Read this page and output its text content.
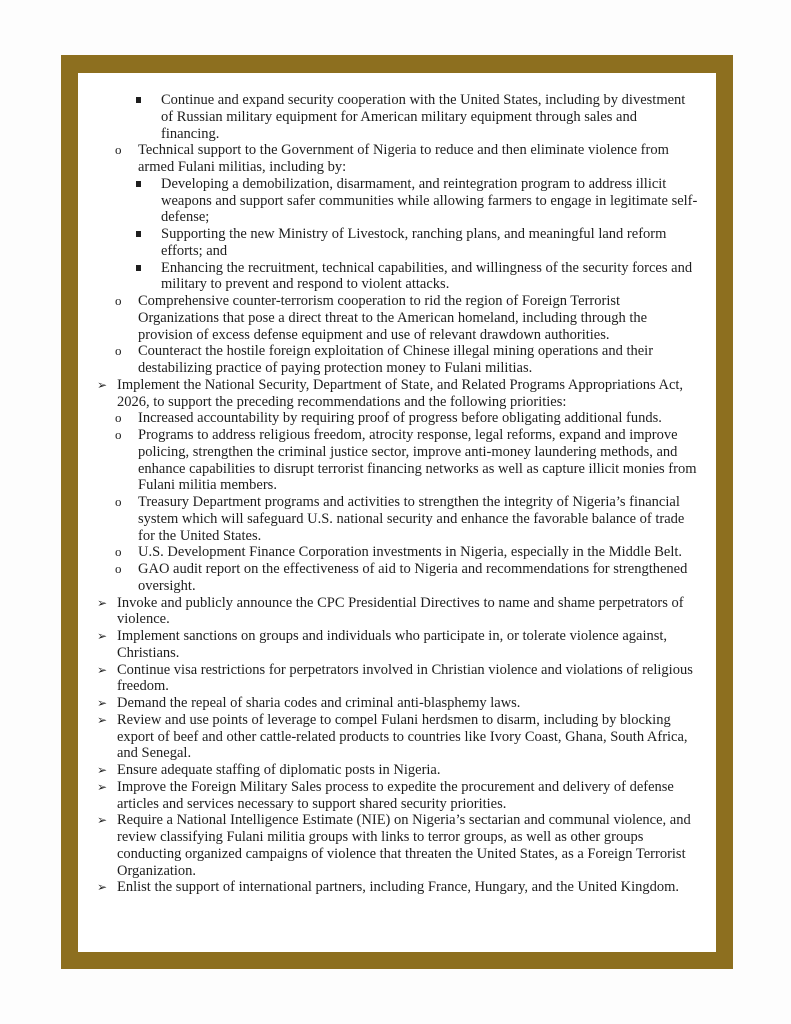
Continue and expand security cooperation with the United States, including by divestment of Russian military equipment for American military equipment through sales and financing.
o Technical support to the Government of Nigeria to reduce and then eliminate violence from armed Fulani militias, including by:
Developing a demobilization, disarmament, and reintegration program to address illicit weapons and support safer communities while allowing farmers to engage in legitimate self-defense;
Supporting the new Ministry of Livestock, ranching plans, and meaningful land reform efforts; and
Enhancing the recruitment, technical capabilities, and willingness of the security forces and military to prevent and respond to violent attacks.
o Comprehensive counter-terrorism cooperation to rid the region of Foreign Terrorist Organizations that pose a direct threat to the American homeland, including through the provision of excess defense equipment and use of relevant drawdown authorities.
o Counteract the hostile foreign exploitation of Chinese illegal mining operations and their destabilizing practice of paying protection money to Fulani militias.
➢ Implement the National Security, Department of State, and Related Programs Appropriations Act, 2026, to support the preceding recommendations and the following priorities:
o Increased accountability by requiring proof of progress before obligating additional funds.
o Programs to address religious freedom, atrocity response, legal reforms, expand and improve policing, strengthen the criminal justice sector, improve anti-money laundering methods, and enhance capabilities to disrupt terrorist financing networks as well as capture illicit monies from Fulani militia members.
o Treasury Department programs and activities to strengthen the integrity of Nigeria’s financial system which will safeguard U.S. national security and enhance the favorable balance of trade for the United States.
o U.S. Development Finance Corporation investments in Nigeria, especially in the Middle Belt.
o GAO audit report on the effectiveness of aid to Nigeria and recommendations for strengthened oversight.
➢ Invoke and publicly announce the CPC Presidential Directives to name and shame perpetrators of violence.
➢ Implement sanctions on groups and individuals who participate in, or tolerate violence against, Christians.
➢ Continue visa restrictions for perpetrators involved in Christian violence and violations of religious freedom.
➢ Demand the repeal of sharia codes and criminal anti-blasphemy laws.
➢ Review and use points of leverage to compel Fulani herdsmen to disarm, including by blocking export of beef and other cattle-related products to countries like Ivory Coast, Ghana, South Africa, and Senegal.
➢ Ensure adequate staffing of diplomatic posts in Nigeria.
➢ Improve the Foreign Military Sales process to expedite the procurement and delivery of defense articles and services necessary to support shared security priorities.
➢ Require a National Intelligence Estimate (NIE) on Nigeria’s sectarian and communal violence, and review classifying Fulani militia groups with links to terror groups, as well as other groups conducting organized campaigns of violence that threaten the United States, as a Foreign Terrorist Organization.
➢ Enlist the support of international partners, including France, Hungary, and the United Kingdom.
